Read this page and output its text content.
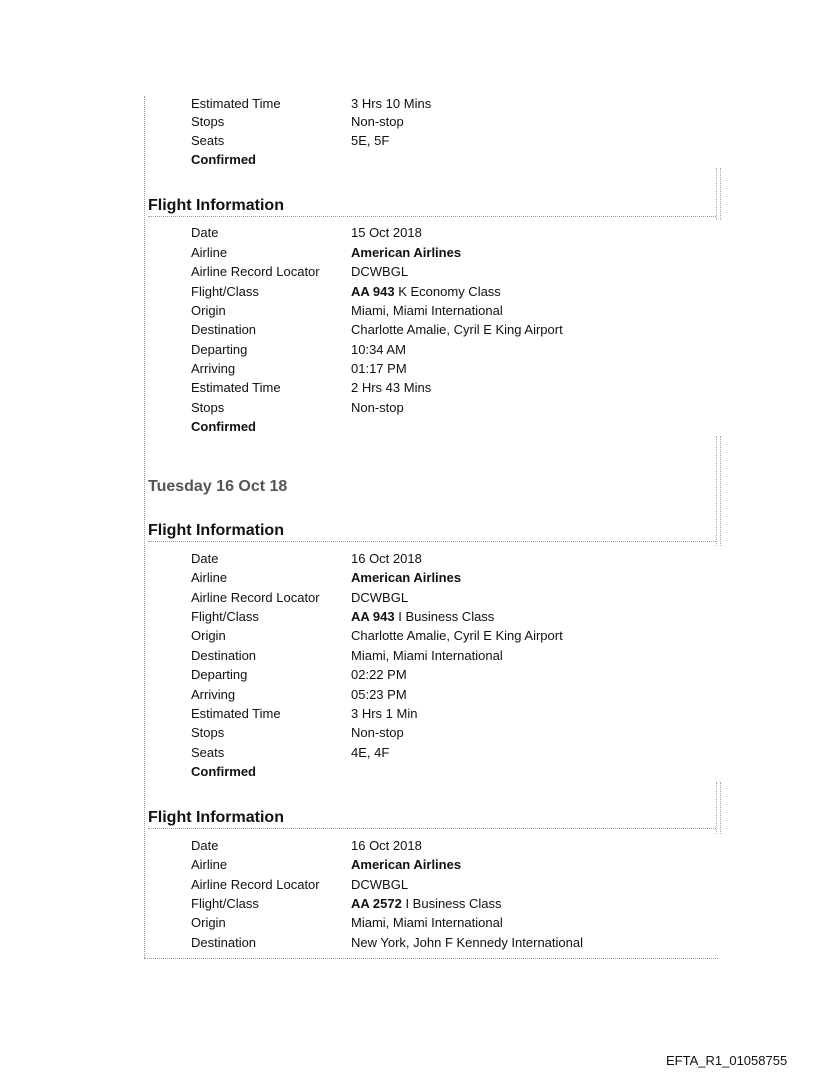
Estimated Time	3 Hrs 10 Mins
Stops	Non-stop
Seats	5E, 5F
Confirmed
Flight Information
Date	15 Oct 2018
Airline	American Airlines
Airline Record Locator	DCWBGL
Flight/Class	AA 943 K Economy Class
Origin	Miami, Miami International
Destination	Charlotte Amalie, Cyril E King Airport
Departing	10:34 AM
Arriving	01:17 PM
Estimated Time	2 Hrs 43 Mins
Stops	Non-stop
Confirmed
Tuesday 16 Oct 18
Flight Information
Date	16 Oct 2018
Airline	American Airlines
Airline Record Locator	DCWBGL
Flight/Class	AA 943 I Business Class
Origin	Charlotte Amalie, Cyril E King Airport
Destination	Miami, Miami International
Departing	02:22 PM
Arriving	05:23 PM
Estimated Time	3 Hrs 1 Min
Stops	Non-stop
Seats	4E, 4F
Confirmed
Flight Information
Date	16 Oct 2018
Airline	American Airlines
Airline Record Locator	DCWBGL
Flight/Class	AA 2572 I Business Class
Origin	Miami, Miami International
Destination	New York, John F Kennedy International
EFTA_R1_01058755
